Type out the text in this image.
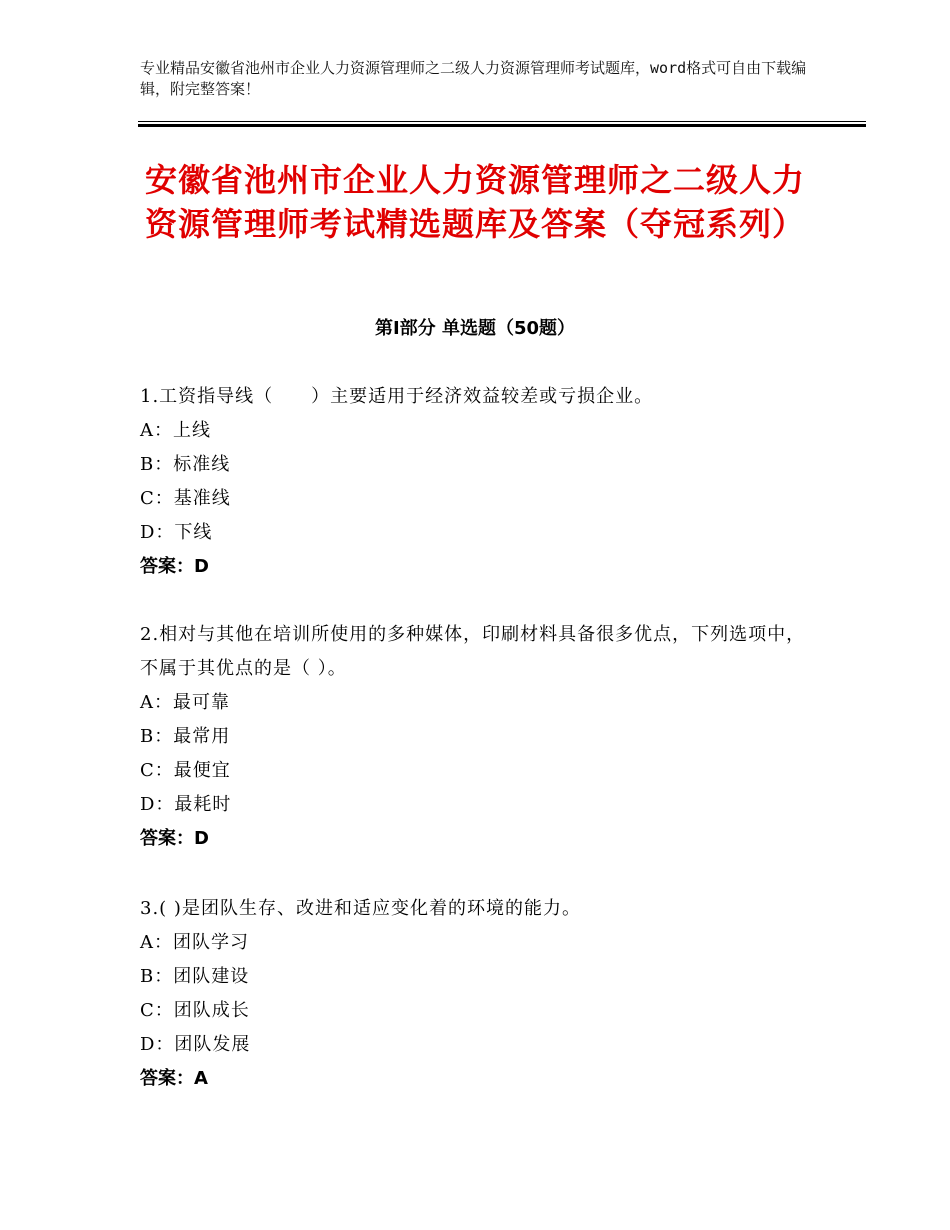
专业精品安徽省池州市企业人力资源管理师之二级人力资源管理师考试题库，word格式可自由下载编辑，附完整答案！
安徽省池州市企业人力资源管理师之二级人力资源管理师考试精选题库及答案（夺冠系列）
第Ⅰ部分 单选题（50题）
1.工资指导线（　　）主要适用于经济效益较差或亏损企业。
A：上线
B：标准线
C：基准线
D：下线
答案：D
2.相对与其他在培训所使用的多种媒体，印刷材料具备很多优点，下列选项中，不属于其优点的是（ ）。
A：最可靠
B：最常用
C：最便宜
D：最耗时
答案：D
3.( )是团队生存、改进和适应变化着的环境的能力。
A：团队学习
B：团队建设
C：团队成长
D：团队发展
答案：A
